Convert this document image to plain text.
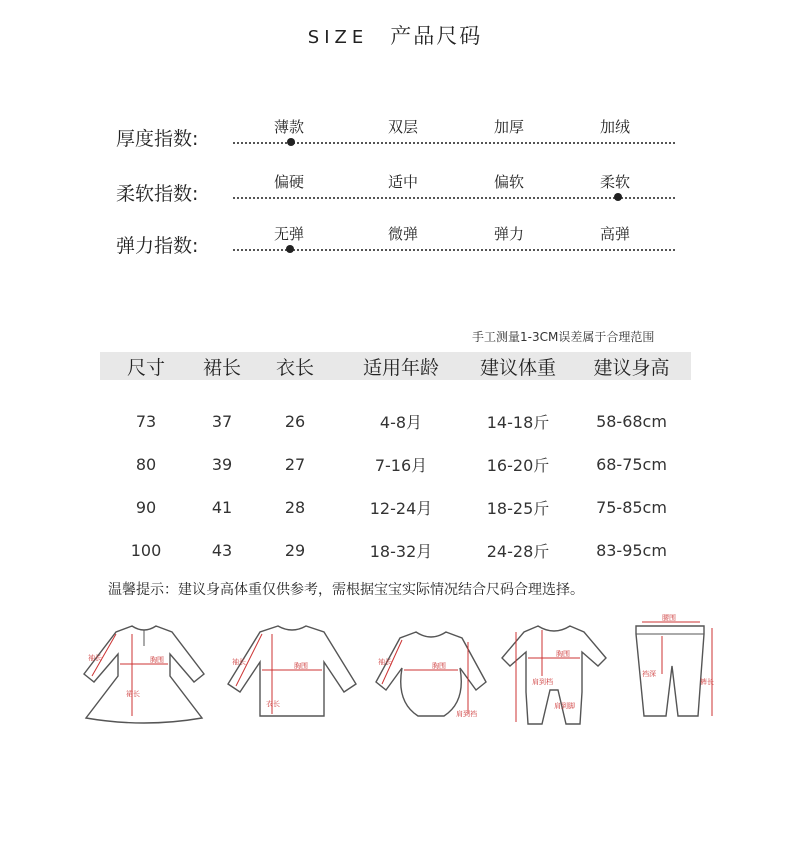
SIZE 产品尺码
厚度指数:
薄款	双层	加厚	加绒
柔软指数:
偏硬	适中	偏软	柔软
弹力指数:
无弹	微弹	弹力	高弹
手工测量1-3CM误差属于合理范围
尺寸	裙长	衣长	适用年龄	建议体重	建议身高
73	37	26	4-8月	14-18斤	58-68cm
80	39	27	7-16月	16-20斤	68-75cm
90	41	28	12-24月	18-25斤	75-85cm
100	43	29	18-32月	24-28斤	83-95cm
温馨提示：建议身高体重仅供参考，需根据宝宝实际情况结合尺码合理选择。
袖长	胸围
裙长
袖长	胸围
衣长
袖长	胸围
肩到裆
胸围
肩到档
肩到脚
腰围
裆深
裤长
